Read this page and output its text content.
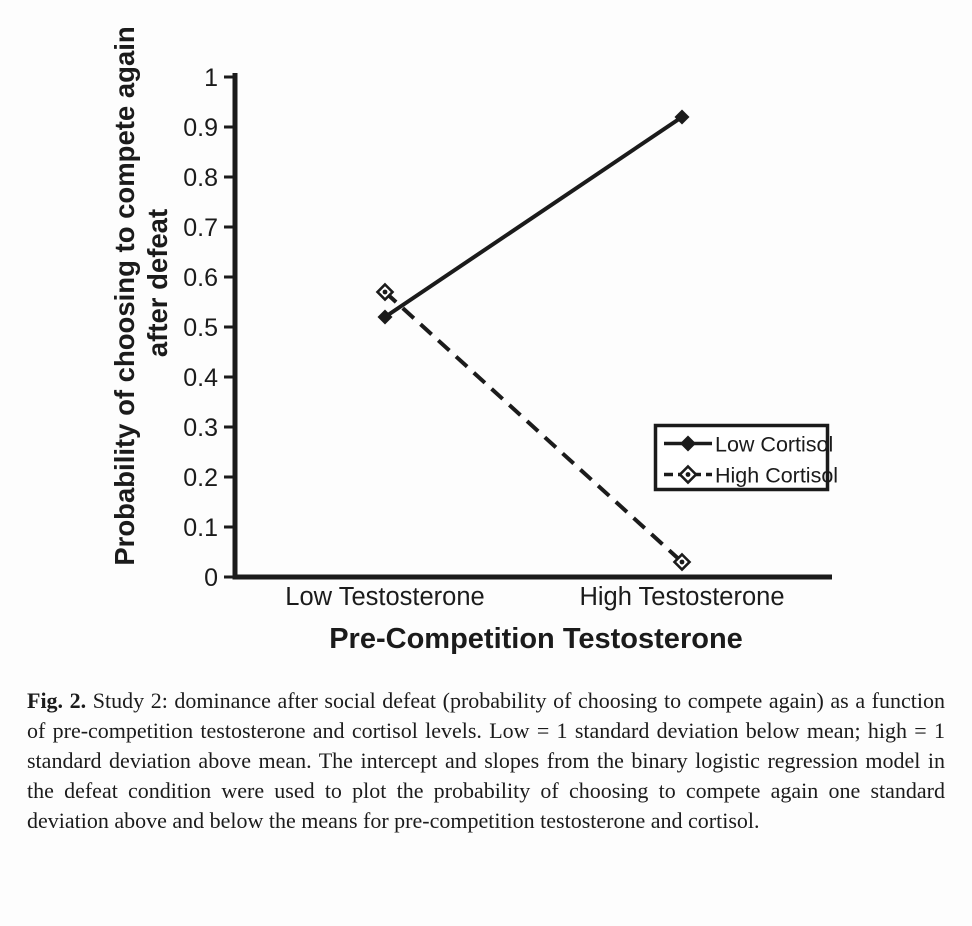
0
0.1
0.2
0.3
0.4
0.5
0.6
0.7
0.8
0.9
1
Low Testosterone	High Testosterone
Low Cortisol
High Cortisol
Pre-Competition Testosterone
Probability of choosing to compete again after defeat

Fig. 2. Study 2: dominance after social defeat (probability of choosing to compete again) as a function of pre-competition testosterone and cortisol levels. Low = 1 standard deviation below mean; high = 1 standard deviation above mean. The intercept and slopes from the binary logistic regression model in the defeat condition were used to plot the probability of choosing to compete again one standard deviation above and below the means for pre-competition testosterone and cortisol.
